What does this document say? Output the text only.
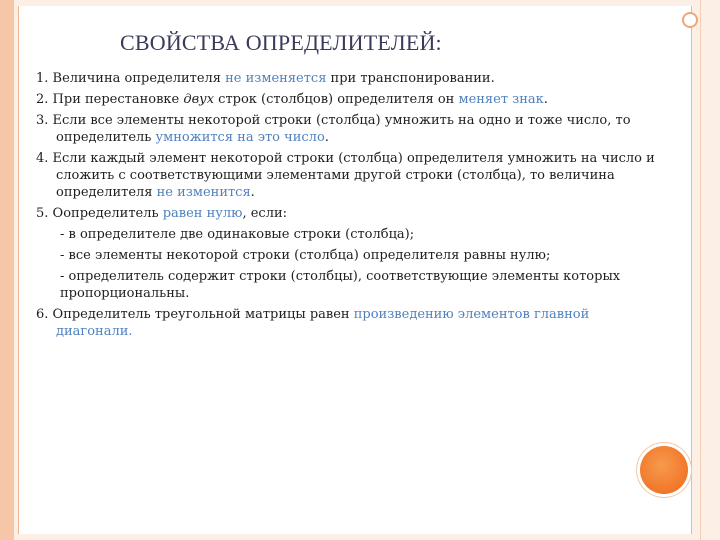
СВОЙСТВА ОПРЕДЕЛИТЕЛЕЙ:
1. Величина определителя не изменяется при транспонировании.
2. При перестановке двух строк (столбцов) определителя он меняет знак.
3. Если все элементы некоторой строки (столбца) умножить на одно и тоже число, то
определитель умножится на это число.
4. Если каждый элемент некоторой строки (столбца) определителя умножить на число и
сложить с соответствующими элементами другой строки (столбца), то величина
определителя не изменится.
5. Оопределитель равен нулю, если:
- в определителе две одинаковые строки (столбца);
- все элементы некоторой строки (столбца) определителя равны нулю;
- определитель содержит строки (столбцы), соответствующие элементы которых
пропорциональны.
6. Определитель треугольной матрицы равен произведению элементов главной
диагонали.
